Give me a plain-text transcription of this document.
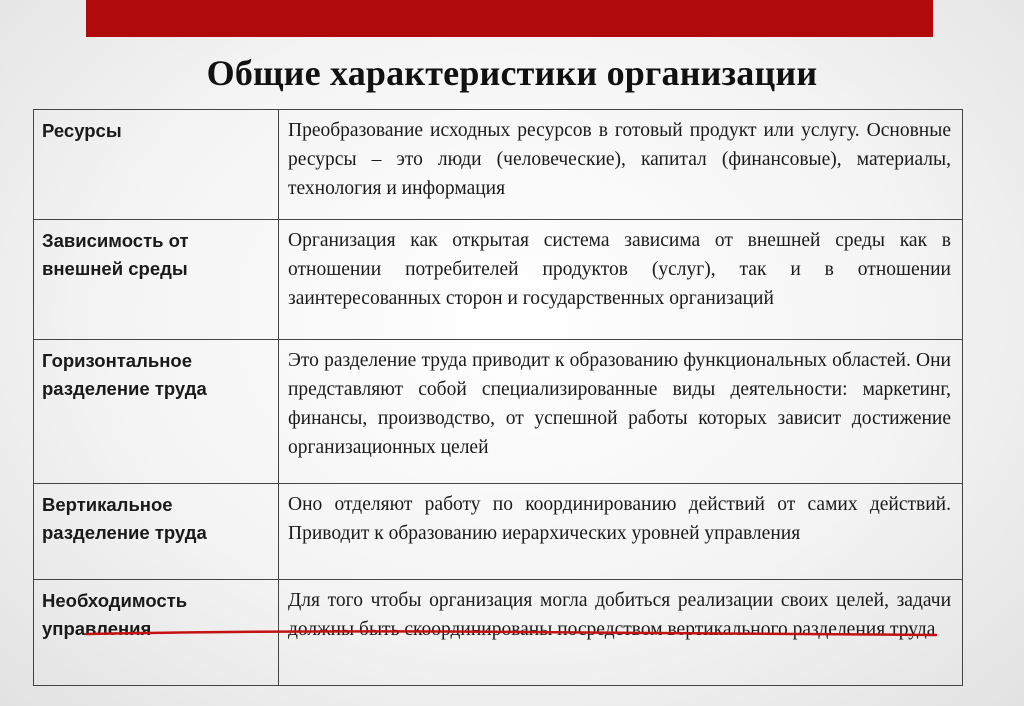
Общие характеристики организации
Ресурсы	Преобразование исходных ресурсов в готовый продукт или услугу. Основные ресурсы – это люди (человеческие), капитал (финансовые), материалы, технология и информация
Зависимость от внешней среды	Организация как открытая система зависима от внешней среды как в отношении потребителей продуктов (услуг), так и в отношении заинтересованных сторон и государственных организаций
Горизонтальное разделение труда	Это разделение труда приводит к образованию функциональных областей. Они представляют собой специализированные виды деятельности: маркетинг, финансы, производство, от успешной работы которых зависит достижение организационных целей
Вертикальное разделение труда	Оно отделяют работу по координированию действий от самих действий. Приводит к образованию иерархических уровней управления
Необходимость управления	Для того чтобы организация могла добиться реализации своих целей, задачи должны быть скоординированы посредством вертикального разделения труда
